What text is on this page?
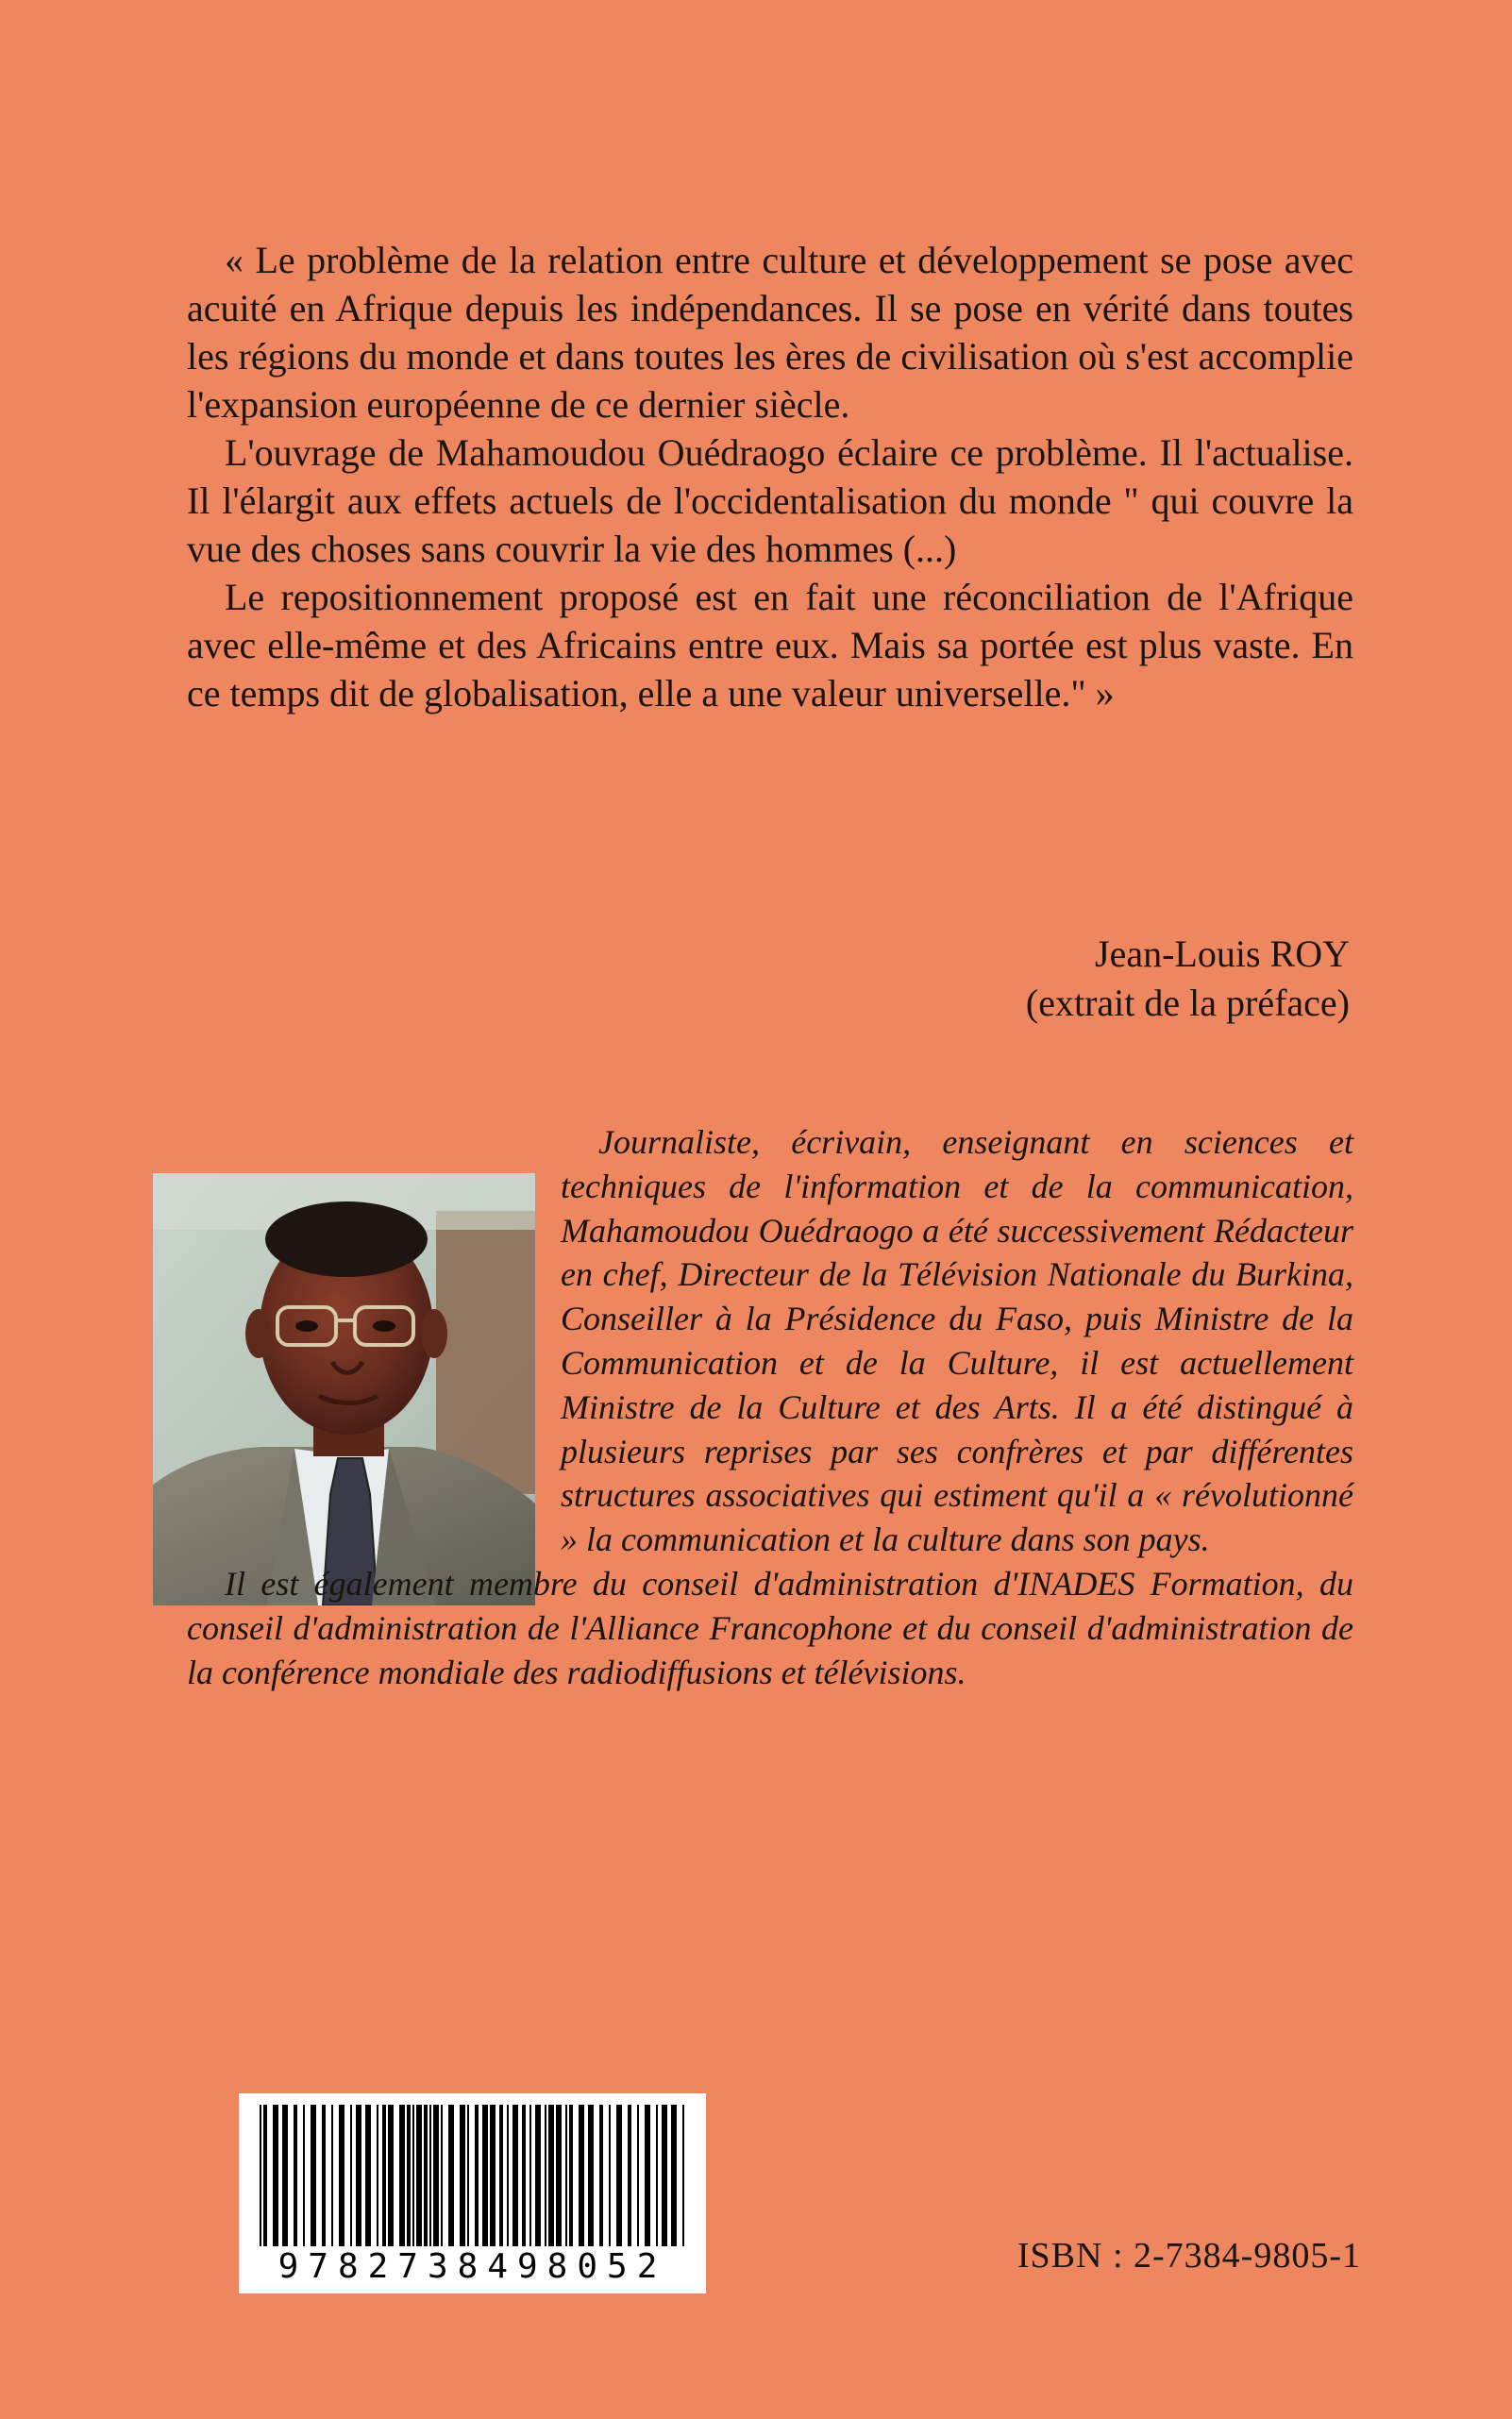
« Le problème de la relation entre culture et développement se pose avec acuité en Afrique depuis les indépendances. Il se pose en vérité dans toutes les régions du monde et dans toutes les ères de civilisation où s'est accomplie l'expansion européenne de ce dernier siècle.

L'ouvrage de Mahamoudou Ouédraogo éclaire ce problème. Il l'actualise. Il l'élargit aux effets actuels de l'occidentalisation du monde " qui couvre la vue des choses sans couvrir la vie des hommes (...)

Le repositionnement proposé est en fait une réconciliation de l'Afrique avec elle-même et des Africains entre eux. Mais sa portée est plus vaste. En ce temps dit de globalisation, elle a une valeur universelle." »

Jean-Louis ROY
(extrait de la préface)
Journaliste, écrivain, enseignant en sciences et techniques de l'information et de la communication, Mahamoudou Ouédraogo a été successivement Rédacteur en chef, Directeur de la Télévision Nationale du Burkina, Conseiller à la Présidence du Faso, puis Ministre de la Communication et de la Culture, il est actuellement Ministre de la Culture et des Arts. Il a été distingué à plusieurs reprises par ses confrères et par différentes structures associatives qui estiment qu'il a « révolutionné » la communication et la culture dans son pays.
Il est également membre du conseil d'administration d'INADES Formation, du conseil d'administration de l'Alliance Francophone et du conseil d'administration de la conférence mondiale des radiodiffusions et télévisions.
9782738498052	ISBN : 2-7384-9805-1
